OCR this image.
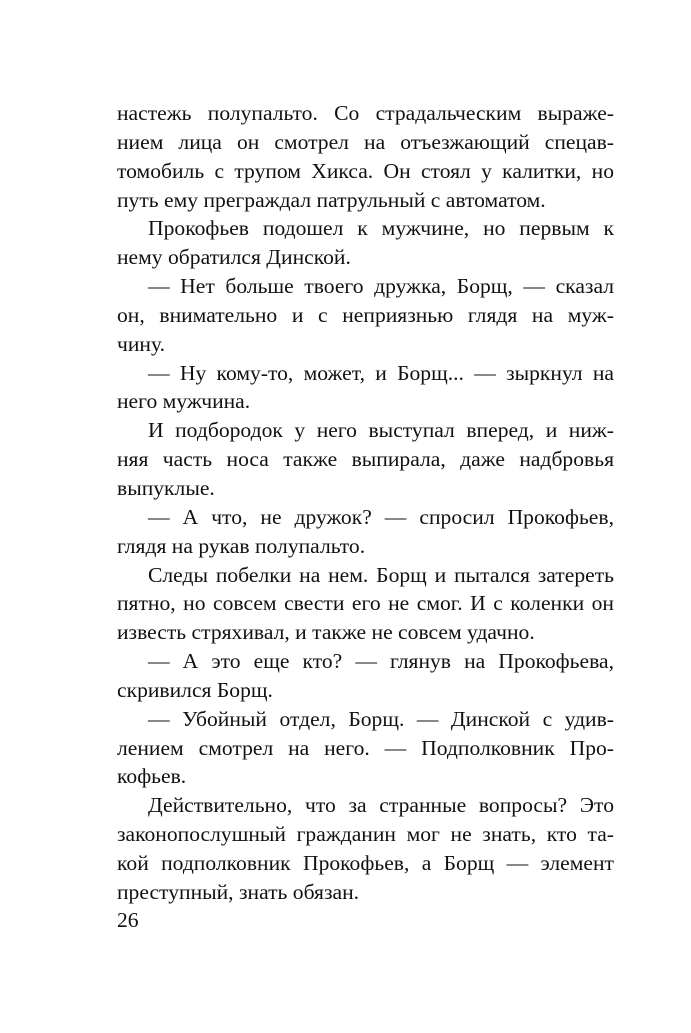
настежь полупальто. Со страдальческим выраже-
нием лица он смотрел на отъезжающий спецав-
томобиль с трупом Хикса. Он стоял у калитки, но
путь ему преграждал патрульный с автоматом.
Прокофьев подошел к мужчине, но первым к
нему обратился Динской.
— Нет больше твоего дружка, Борщ, — сказал
он, внимательно и с неприязнью глядя на муж-
чину.
— Ну кому-то, может, и Борщ... — зыркнул на
него мужчина.
И подбородок у него выступал вперед, и ниж-
няя часть носа также выпирала, даже надбровья
выпуклые.
— А что, не дружок? — спросил Прокофьев,
глядя на рукав полупальто.
Следы побелки на нем. Борщ и пытался затереть
пятно, но совсем свести его не смог. И с коленки он
известь стряхивал, и также не совсем удачно.
— А это еще кто? — глянув на Прокофьева,
скривился Борщ.
— Убойный отдел, Борщ. — Динской с удив-
лением смотрел на него. — Подполковник Про-
кофьев.
Действительно, что за странные вопросы? Это
законопослушный гражданин мог не знать, кто та-
кой подполковник Прокофьев, а Борщ — элемент
преступный, знать обязан.
26
